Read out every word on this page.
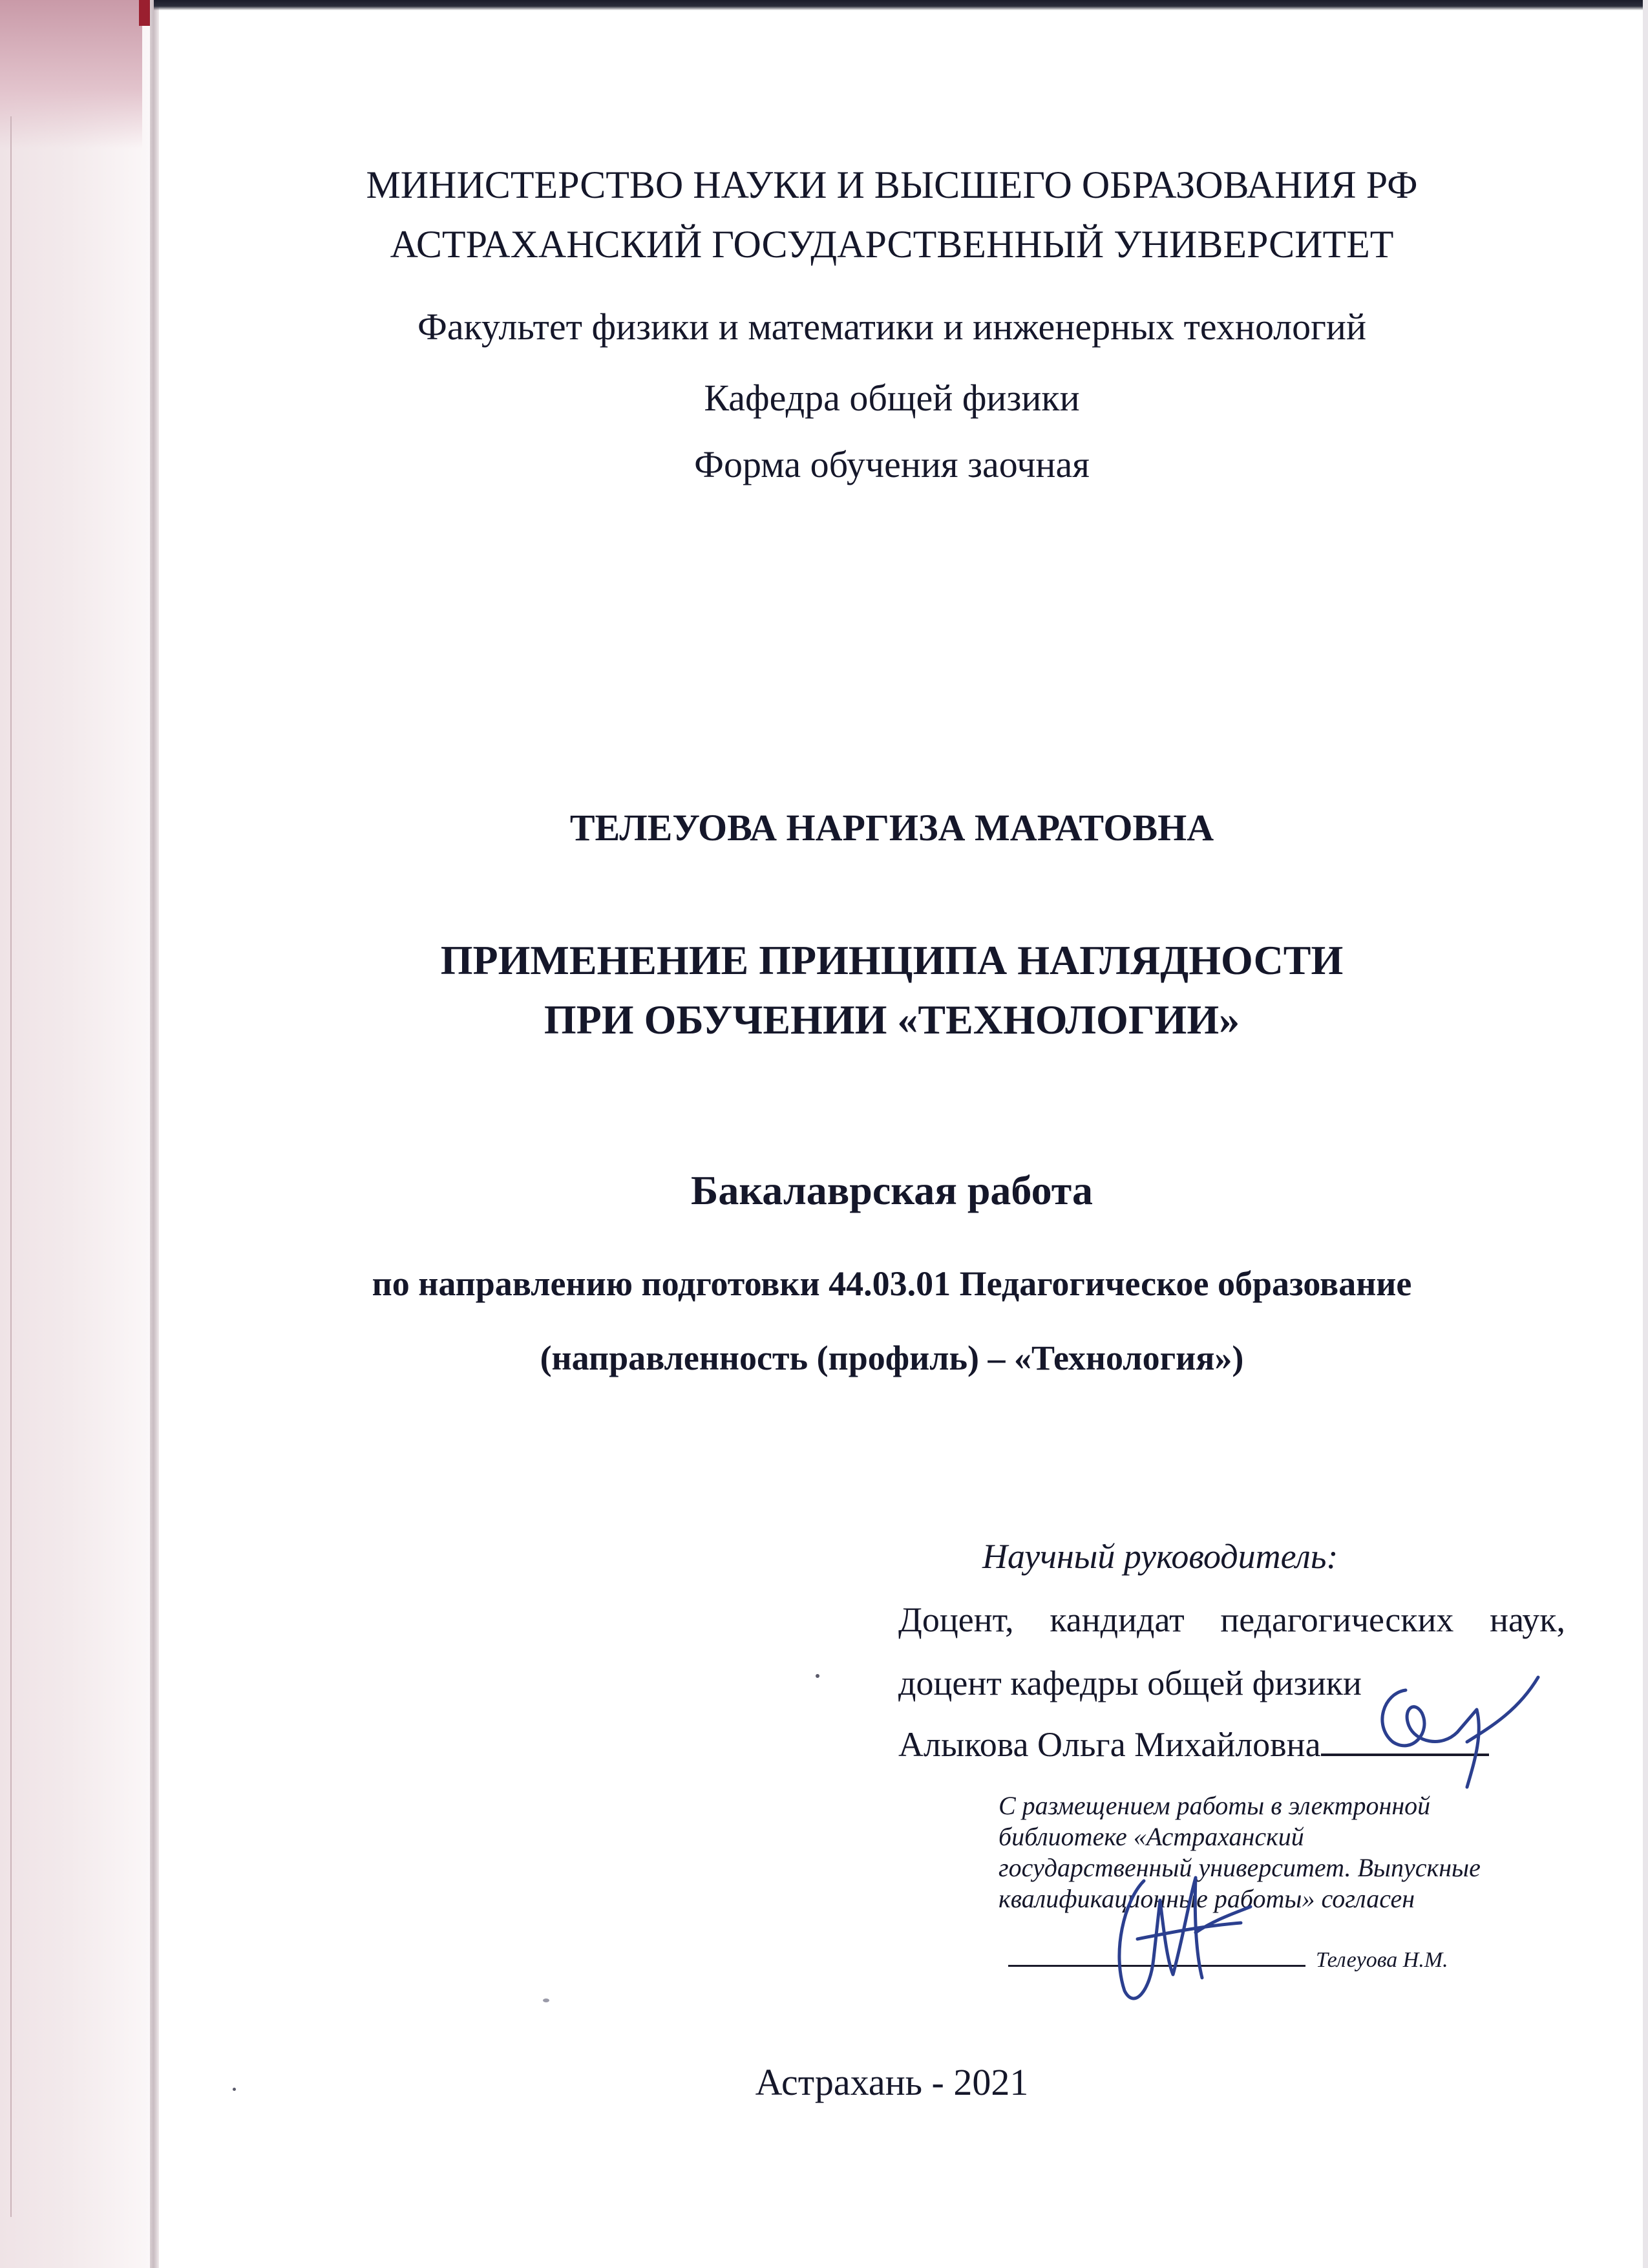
МИНИСТЕРСТВО НАУКИ И ВЫСШЕГО ОБРАЗОВАНИЯ РФ
АСТРАХАНСКИЙ ГОСУДАРСТВЕННЫЙ УНИВЕРСИТЕТ
Факультет физики и математики и инженерных технологий
Кафедра общей физики
Форма обучения заочная
ТЕЛЕУОВА НАРГИЗА МАРАТОВНА
ПРИМЕНЕНИЕ ПРИНЦИПА НАГЛЯДНОСТИ
ПРИ ОБУЧЕНИИ «ТЕХНОЛОГИИ»
Бакалаврская работа
по направлению подготовки 44.03.01 Педагогическое образование
(направленность (профиль) – «Технология»)
Научный руководитель:
Доцент, кандидат педагогических наук,
доцент кафедры общей физики
Алыкова Ольга Михайловна
С размещением работы в электронной
библиотеке «Астраханский
государственный университет. Выпускные
квалификационные работы» согласен
Телеуова Н.М.
Астрахань - 2021
